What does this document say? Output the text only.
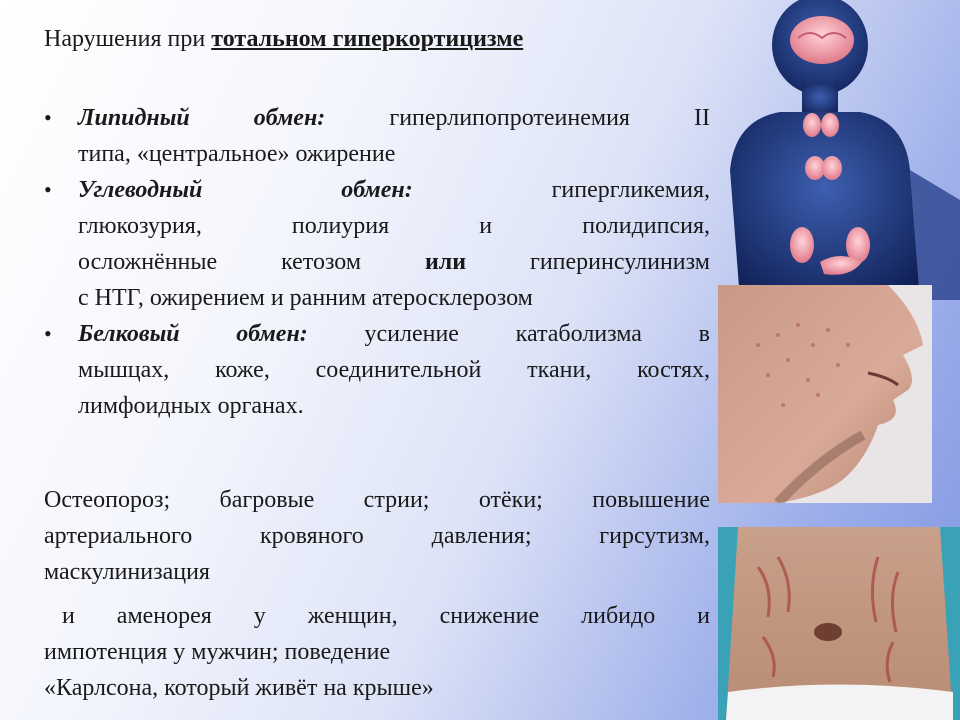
Нарушения при тотальном гиперкортицизме
• Липидный обмен: гиперлипопротеинемия II
типа, «центральное» ожирение
• Углеводный обмен: гипергликемия,
глюкозурия, полиурия и полидипсия,
осложнённые кетозом или гиперинсулинизм
с НТГ, ожирением и ранним атеросклерозом
• Белковый обмен: усиление катаболизма в
мышцах, коже, соединительной ткани, костях,
лимфоидных органах.
Остеопороз; багровые стрии; отёки; повышение
артериального кровяного давления; гирсутизм,
маскулинизация
и аменорея у женщин, снижение либидо и
импотенция у мужчин; поведение
«Карлсона, который живёт на крыше»
